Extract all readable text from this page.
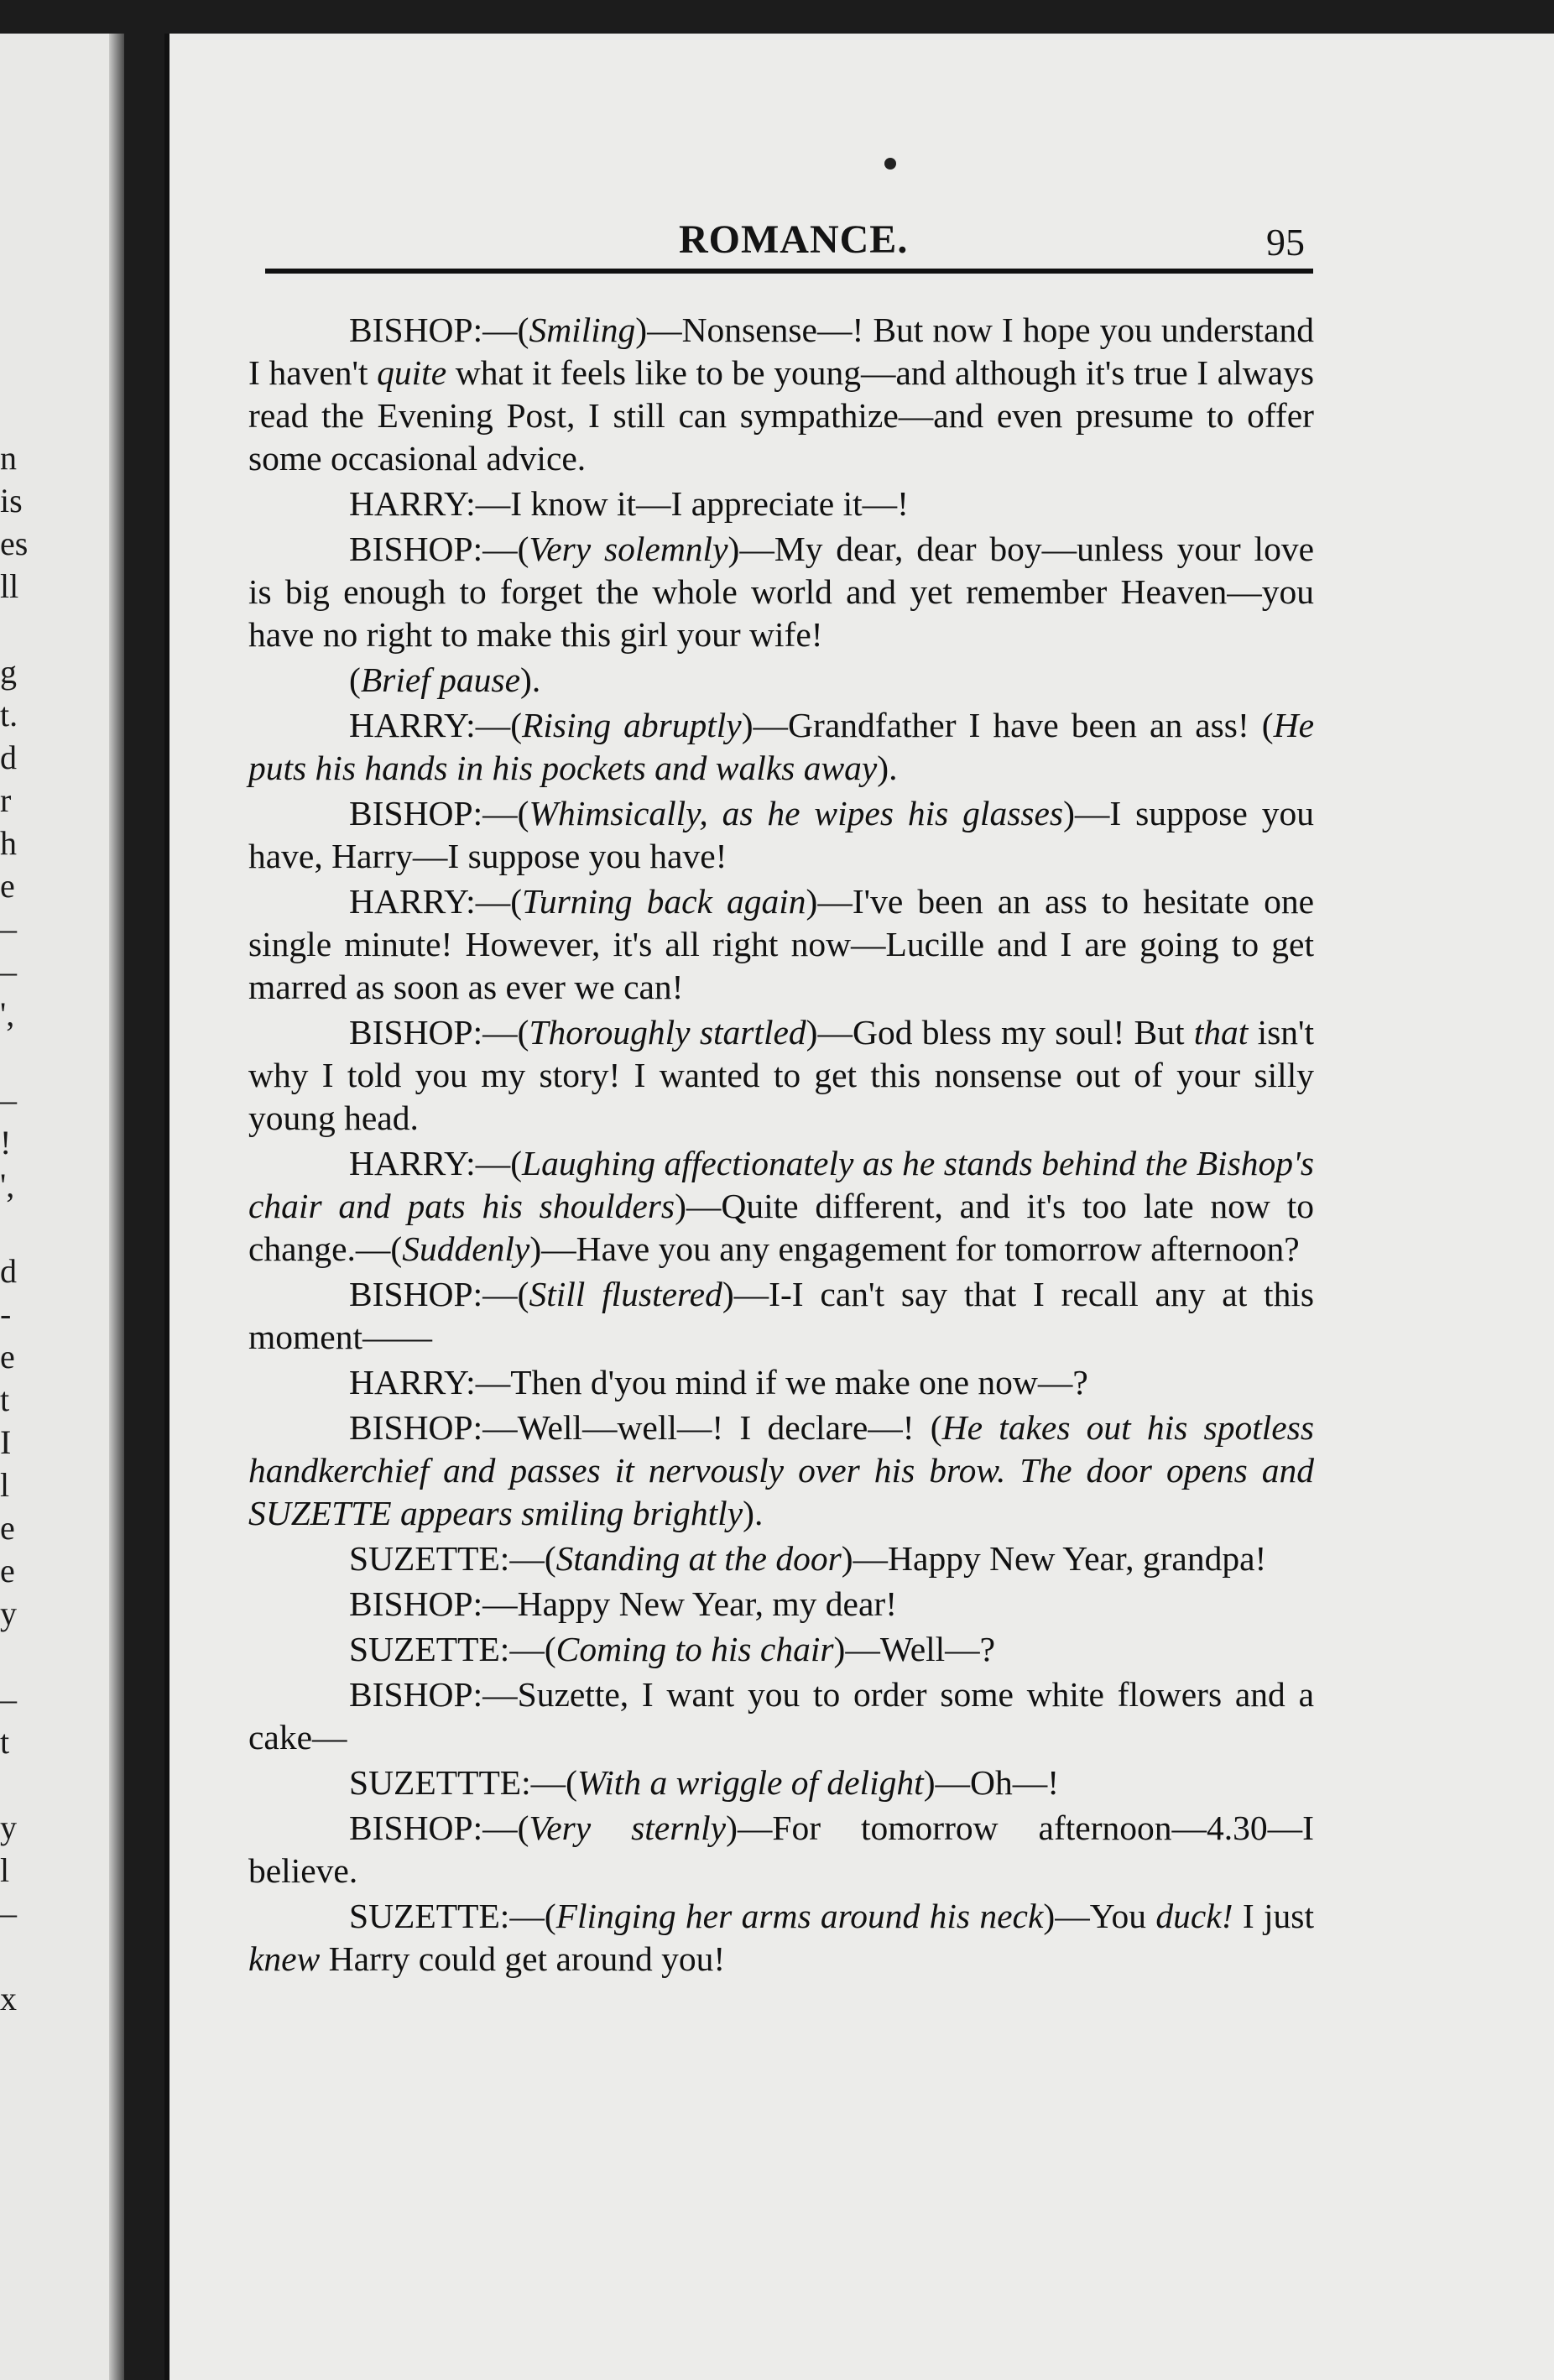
n
is
es
ll
g
t.
d
r
h
e
–
–
',
–
!
',
d
-
e
t
I
l
e
e
y
–
t
y
l
–
x
ROMANCE.	95

BISHOP:—(Smiling)—Nonsense—! But now I hope you understand I haven't quite what it feels like to be young—and although it's true I always read the Evening Post, I still can sympathize—and even presume to offer some occasional advice.

HARRY:—I know it—I appreciate it—!

BISHOP:—(Very solemnly)—My dear, dear boy—unless your love is big enough to forget the whole world and yet remember Heaven—you have no right to make this girl your wife!

(Brief pause).

HARRY:—(Rising abruptly)—Grandfather I have been an ass! (He puts his hands in his pockets and walks away).

BISHOP:—(Whimsically, as he wipes his glasses)—I suppose you have, Harry—I suppose you have!

HARRY:—(Turning back again)—I've been an ass to hesitate one single minute! However, it's all right now—Lucille and I are going to get marred as soon as ever we can!

BISHOP:—(Thoroughly startled)—God bless my soul! But that isn't why I told you my story! I wanted to get this nonsense out of your silly young head.

HARRY:—(Laughing affectionately as he stands behind the Bishop's chair and pats his shoulders)—Quite different, and it's too late now to change.—(Suddenly)—Have you any engagement for tomorrow afternoon?

BISHOP:—(Still flustered)—I-I can't say that I recall any at this moment——

HARRY:—Then d'you mind if we make one now—?

BISHOP:—Well—well—! I declare—! (He takes out his spotless handkerchief and passes it nervously over his brow. The door opens and SUZETTE appears smiling brightly).

SUZETTE:—(Standing at the door)—Happy New Year, grandpa!

BISHOP:—Happy New Year, my dear!

SUZETTE:—(Coming to his chair)—Well—?

BISHOP:—Suzette, I want you to order some white flowers and a cake—

SUZETTTE:—(With a wriggle of delight)—Oh—!

BISHOP:—(Very sternly)—For tomorrow afternoon—4.30—I believe.

SUZETTE:—(Flinging her arms around his neck)—You duck! I just knew Harry could get around you!
